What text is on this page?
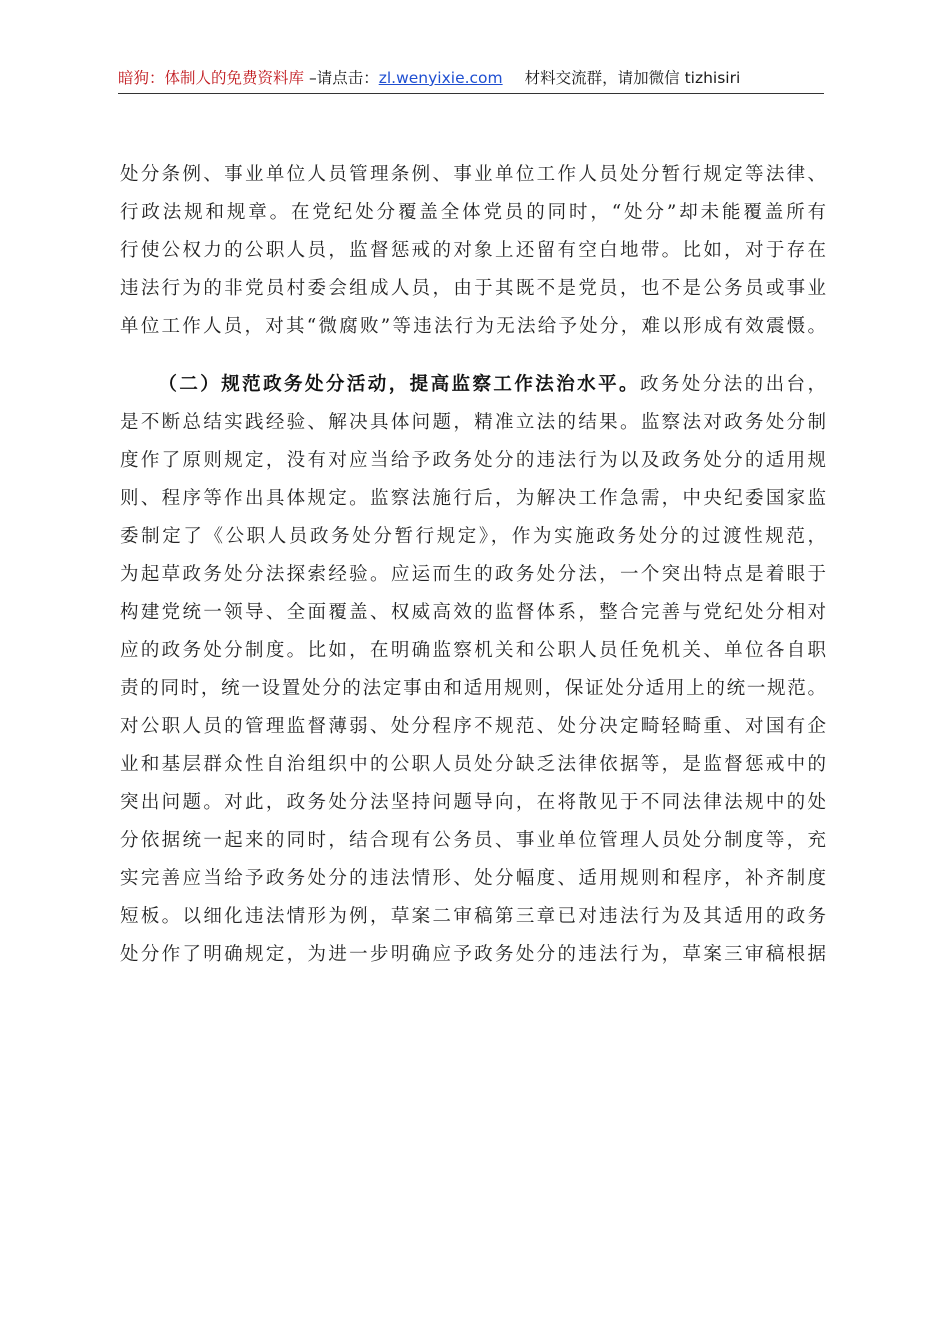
暗狗：体制人的免费资料库 –请点击：zl.wenyixie.com 材料交流群，请加微信 tizhisiri
处分条例、事业单位人员管理条例、事业单位工作人员处分暂行规定等法律、
行政法规和规章。在党纪处分覆盖全体党员的同时，“处分”却未能覆盖所有
行使公权力的公职人员，监督惩戒的对象上还留有空白地带。比如，对于存在
违法行为的非党员村委会组成人员，由于其既不是党员，也不是公务员或事业
单位工作人员，对其“微腐败”等违法行为无法给予处分，难以形成有效震慑。
（二）规范政务处分活动，提高监察工作法治水平。政务处分法的出台，
是不断总结实践经验、解决具体问题，精准立法的结果。监察法对政务处分制
度作了原则规定，没有对应当给予政务处分的违法行为以及政务处分的适用规
则、程序等作出具体规定。监察法施行后，为解决工作急需，中央纪委国家监
委制定了《公职人员政务处分暂行规定》，作为实施政务处分的过渡性规范，
为起草政务处分法探索经验。应运而生的政务处分法，一个突出特点是着眼于
构建党统一领导、全面覆盖、权威高效的监督体系，整合完善与党纪处分相对
应的政务处分制度。比如，在明确监察机关和公职人员任免机关、单位各自职
责的同时，统一设置处分的法定事由和适用规则，保证处分适用上的统一规范。
对公职人员的管理监督薄弱、处分程序不规范、处分决定畸轻畸重、对国有企
业和基层群众性自治组织中的公职人员处分缺乏法律依据等，是监督惩戒中的
突出问题。对此，政务处分法坚持问题导向，在将散见于不同法律法规中的处
分依据统一起来的同时，结合现有公务员、事业单位管理人员处分制度等，充
实完善应当给予政务处分的违法情形、处分幅度、适用规则和程序，补齐制度
短板。以细化违法情形为例，草案二审稿第三章已对违法行为及其适用的政务
处分作了明确规定，为进一步明确应予政务处分的违法行为，草案三审稿根据
